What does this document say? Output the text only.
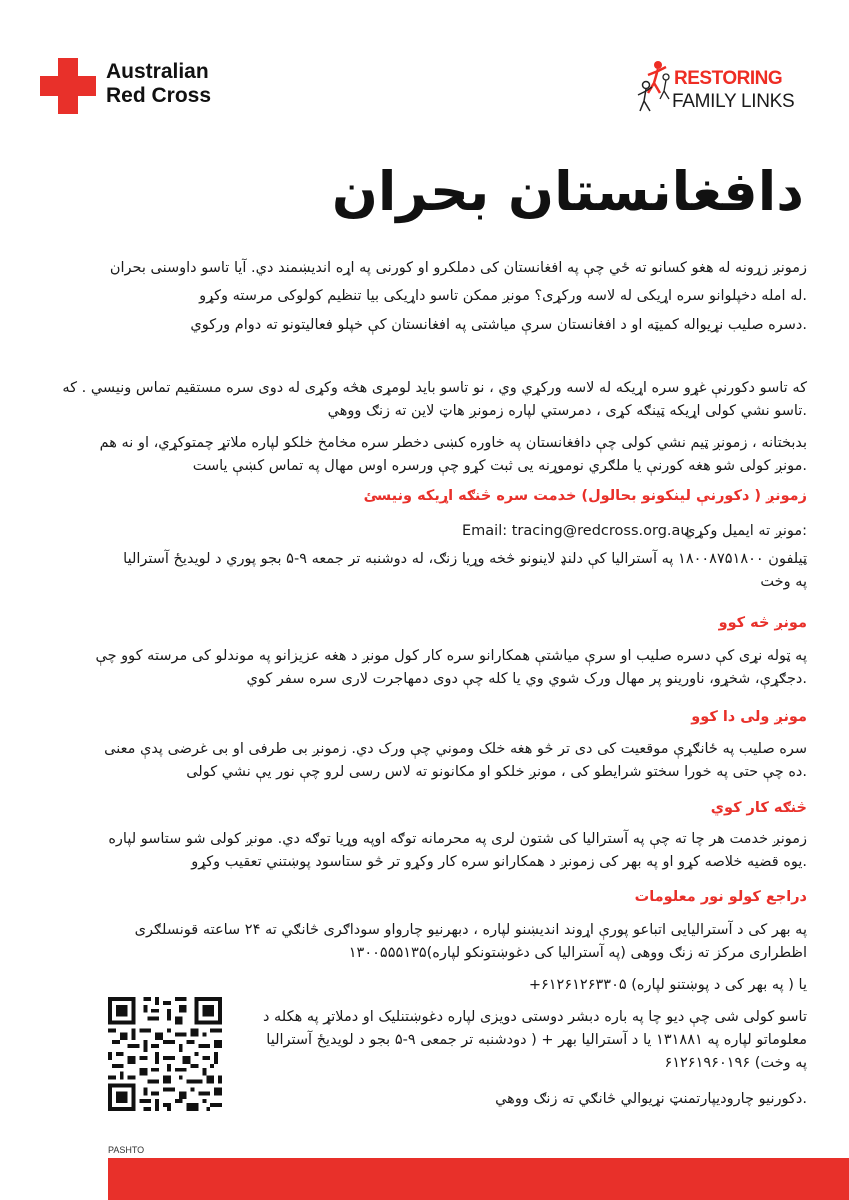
Australian
Red Cross
RESTORING
FAMILY LINKS
دافغانستان بحران
زمونږ زړونه له هغو کسانو ته ځي چې په افغانستان کی دملکرو او کورنی په اړه اندیښمند دي. آیا تاسو داوسنی بحران
.له امله دخپلوانو سره اړیکی له لاسه ورکړی؟ مونږ ممکن تاسو داړیکی بیا تنظیم کولوکی مرسته وکړو
.دسره صلیب نړیواله کمیټه او د افغانستان سرې میاشتی په افغانستان کې خپلو فعالیتونو ته دوام ورکوي
که تاسو دکورنې غړو سره اړیکه له لاسه ورکړي وي ، نو تاسو باید لومړی هڅه وکړی له دوی سره مستقیم تماس ونیسي . که
.تاسو نشي کولی اړیکه ټینګه کړی ، دمرستي لپاره زمونږ هاټ لاین ته زنګ ووهي
بدبختانه ، زمونږ ټیم نشي کولی چې دافغانستان په خاوره کښی دخطر سره مخامخ خلکو لپاره ملاتړ چمتوکړي، او نه هم
.مونږ کولی شو هغه کورنې یا ملګري نوموړنه یی ثبت کړو چې ورسره اوس مهال په تماس کښې یاست
زمونږ ( دکورنې لینکونو بحالول) خدمت سره څنګه اړیکه ونیسئ
:مونږ ته ایمیل وکړي
Email: tracing@redcross.org.au
ټیلفون ۱۸۰۰۸۷۵۱۸۰۰ په آسترالیا کې دلنډ لاینونو څخه وړیا زنګ، له دوشنبه تر جمعه ۹-۵ بجو پوري د لویدیځ آسترالیا
په وخت
مونږ څه کوو
په ټوله نړی کې دسره صلیب او سرې میاشتې همکارانو سره کار کول مونږ د هغه عزیزانو په موندلو کی مرسته کوو چې
.دجګړې، شخړو، ناورینو پر مهال ورک شوي وي یا کله چې دوی دمهاجرت لاری سره سفر کوي
مونږ ولی دا کوو
سره صلیب په ځانګړې موقعیت کی دی تر څو هغه خلک وموني چې ورک دي. زمونږ بی طرفی او بی غرضی پدې معنی
.ده چې حتی په خورا سختو شرایطو کی ، مونږ خلکو او مکانونو ته لاس رسی لرو چې نور یې نشي کولی
څنګه کار کوي
زمونږ خدمت هر چا ته چې په آسترالیا کی شتون لری په محرمانه توګه اوپه وړیا توګه دي. مونږ کولی شو ستاسو لپاره
.یوه قضیه خلاصه کړو او په بهر کی زمونږ د همکارانو سره کار وکړو تر څو ستاسود پوښتني تعقیب وکړو
دراجع کولو نور معلومات
په بهر کی د آسترالیایی اتباعو پورې اړوند اندیښنو لپاره ، دبهرنیو چارواو سوداګری څانګي ته ۲۴ ساعته قونسلګری
اظطراری مرکز ته زنګ ووهی (په آسترالیا کی دغوښتونکو لپاره)۱۳۰۰۵۵۵۱۳۵
یا ( په بهر کی د پوښتنو لپاره) ۶۱۲۶۱۲۶۳۳۰۵+
تاسو کولی شی چې دیو چا په باره دبشر دوستی دویزی لپاره دغوښتنلیک او دملاتړ په هکله د
معلوماتو لپاره په ۱۳۱۸۸۱ یا د آسترالیا بهر + ( دودشنبه تر جمعی ۹-۵ بجو د لویدیځ آسترالیا
په وخت) ۶۱۲۶۱۹۶۰۱۹۶
.دکورنیو چارودیپارتمنټ نړیوالي څانګي ته زنګ ووهي
PASHTO
